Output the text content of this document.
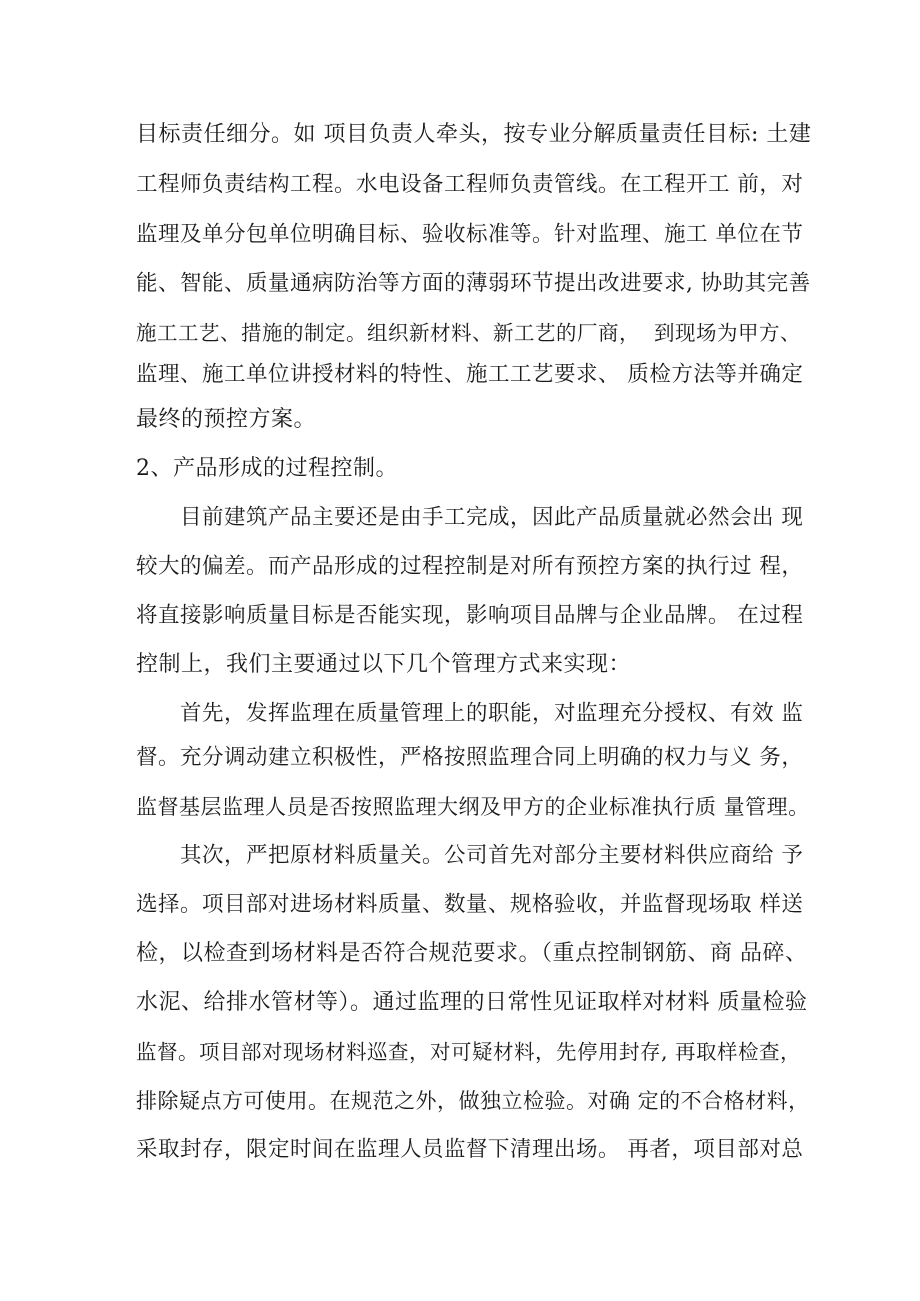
目标责任细分。如 项目负责人牵头，按专业分解质量责任目标: 土建
工程师负责结构工程。水电设备工程师负责管线。在工程开工 前，对
监理及单分包单位明确目标、验收标准等。针对监理、施工 单位在节
能、智能、质量通病防治等方面的薄弱环节提出改进要求, 协助其完善
施工工艺、措施的制定。组织新材料、新工艺的厂商，  到现场为甲方、
监理、施工单位讲授材料的特性、施工工艺要求、 质检方法等并确定
最终的预控方案。
2、产品形成的过程控制。
目前建筑产品主要还是由手工完成，因此产品质量就必然会出 现
较大的偏差。而产品形成的过程控制是对所有预控方案的执行过 程，
将直接影响质量目标是否能实现，影响项目品牌与企业品牌。 在过程
控制上，我们主要通过以下几个管理方式来实现：
首先，发挥监理在质量管理上的职能，对监理充分授权、有效 监
督。充分调动建立积极性，严格按照监理合同上明确的权力与义 务，
监督基层监理人员是否按照监理大纲及甲方的企业标准执行质 量管理。
其次，严把原材料质量关。公司首先对部分主要材料供应商给 予
选择。项目部对进场材料质量、数量、规格验收，并监督现场取 样送
检，以检查到场材料是否符合规范要求。（重点控制钢筋、商 品碎、
水泥、给排水管材等）。通过监理的日常性见证取样对材料 质量检验
监督。项目部对现场材料巡查，对可疑材料，先停用封存, 再取样检查，
排除疑点方可使用。在规范之外，做独立检验。对确 定的不合格材料，
采取封存，限定时间在监理人员监督下清理出场。 再者，项目部对总
